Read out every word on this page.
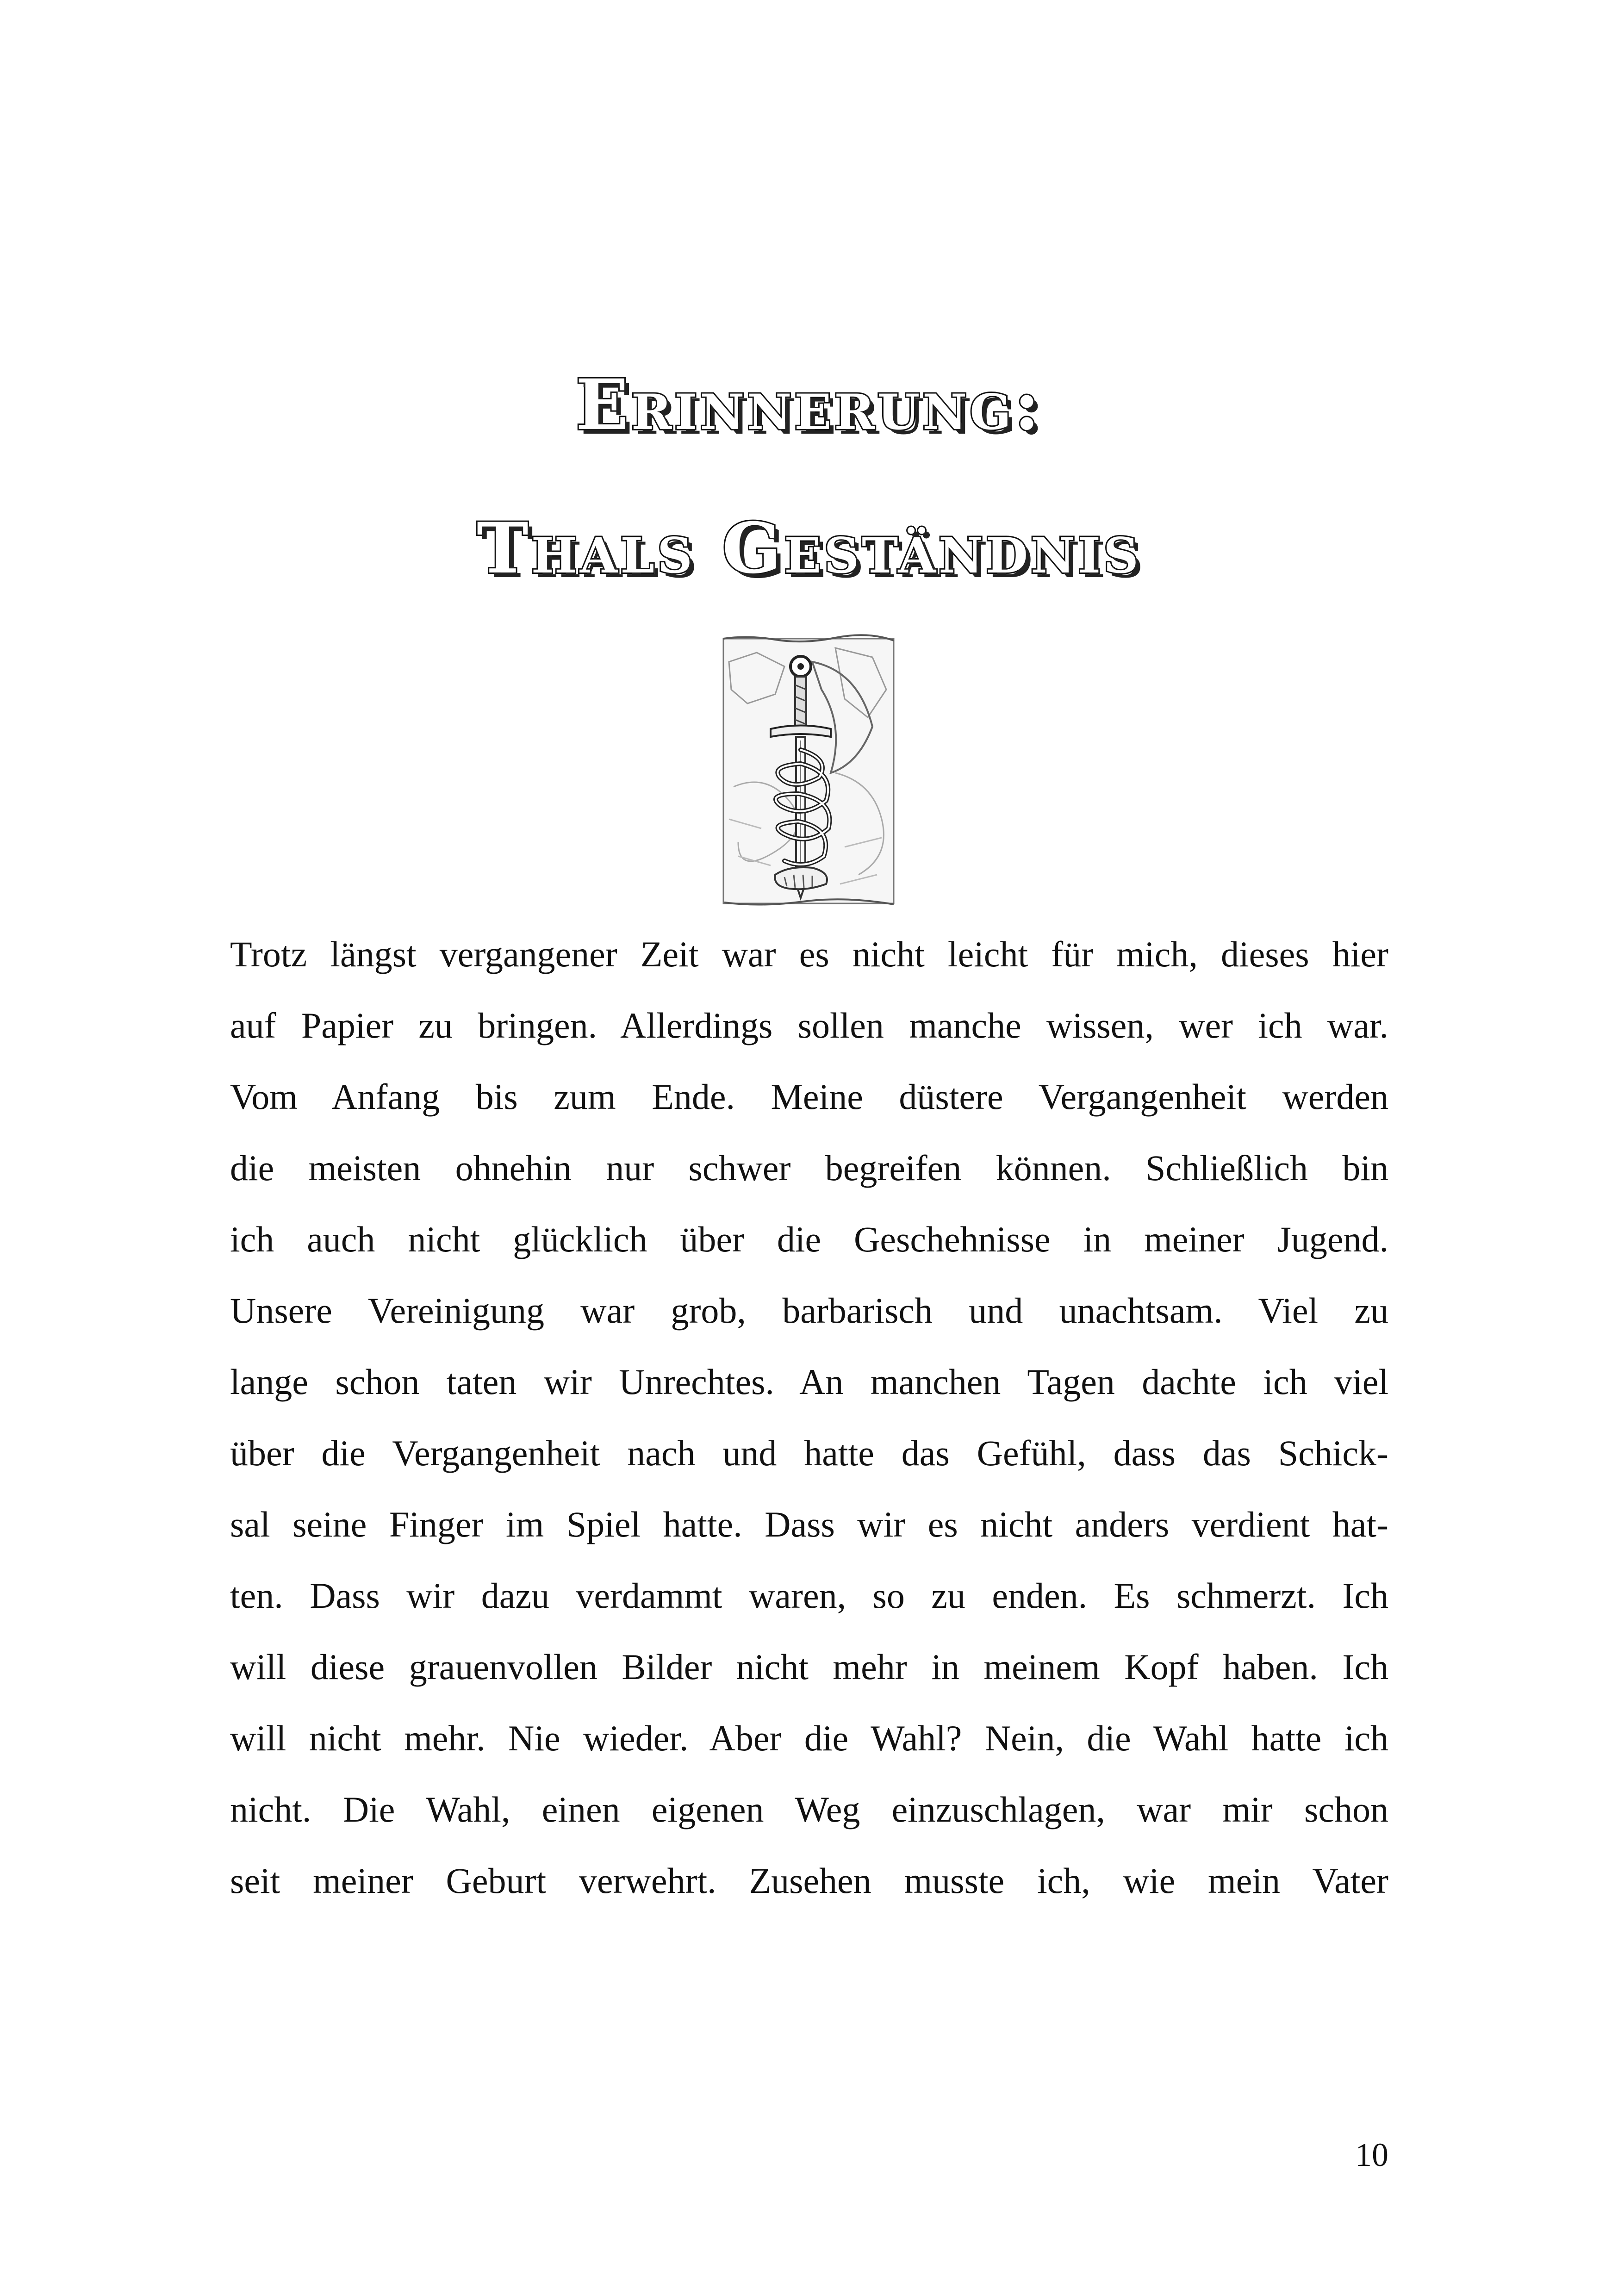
Erinnerung:
Thals Geständnis
Trotz längst vergangener Zeit war es nicht leicht für mich, dieses hier
auf Papier zu bringen. Allerdings sollen manche wissen, wer ich war.
Vom Anfang bis zum Ende. Meine düstere Vergangenheit werden
die meisten ohnehin nur schwer begreifen können. Schließlich bin
ich auch nicht glücklich über die Geschehnisse in meiner Jugend.
Unsere Vereinigung war grob, barbarisch und unachtsam. Viel zu
lange schon taten wir Unrechtes. An manchen Tagen dachte ich viel
über die Vergangenheit nach und hatte das Gefühl, dass das Schick-
sal seine Finger im Spiel hatte. Dass wir es nicht anders verdient hat-
ten. Dass wir dazu verdammt waren, so zu enden. Es schmerzt. Ich
will diese grauenvollen Bilder nicht mehr in meinem Kopf haben. Ich
will nicht mehr. Nie wieder. Aber die Wahl? Nein, die Wahl hatte ich
nicht. Die Wahl, einen eigenen Weg einzuschlagen, war mir schon
seit meiner Geburt verwehrt. Zusehen musste ich, wie mein Vater
10
